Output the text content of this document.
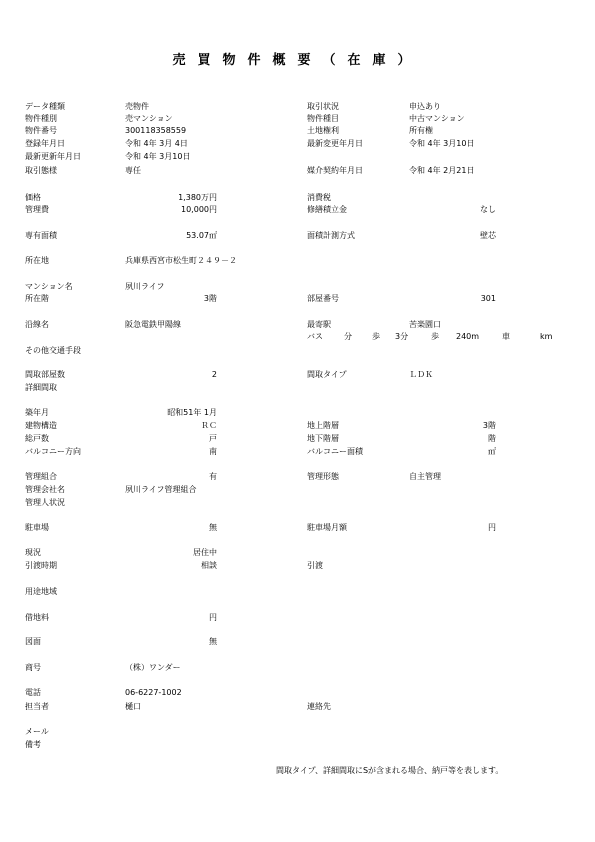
売買物件概要（在庫）
データ種類	売物件	取引状況	申込あり
物件種別	売マンション	物件種目	中古マンション
物件番号	300118358559	土地権利	所有権
登録年月日	令和 4年 3月 4日	最新変更年月日	令和 4年 3月10日
最新更新年月日	令和 4年 3月10日
取引態様	専任	媒介契約年月日	令和 4年 2月21日
価格	1,380万円	消費税
管理費	10,000円	修繕積立金	なし
専有面積	53.07㎡	面積計測方式	壁芯
所在地	兵庫県西宮市松生町２４９－２
マンション名	夙川ライフ
所在階	3階	部屋番号	301
沿線名	阪急電鉄甲陽線	最寄駅	苦楽園口
バス	分	歩 3分	歩 240m	車	km
その他交通手段
間取部屋数	2	間取タイプ	ＬＤＫ
詳細間取
築年月	昭和51年 1月
建物構造	ＲＣ	地上階層	3階
総戸数	戸	地下階層	階
バルコニー方向	南	バルコニー面積	㎡
管理組合	有	管理形態	自主管理
管理会社名	夙川ライフ管理組合
管理人状況
駐車場	無	駐車場月額	円
現況	居住中
引渡時期	相談	引渡
用途地域
借地料	円
図面	無
商号	（株）ワンダー
電話	06-6227-1002
担当者	樋口	連絡先
メール
備考
間取タイプ、詳細間取にSが含まれる場合、納戸等を表します。
